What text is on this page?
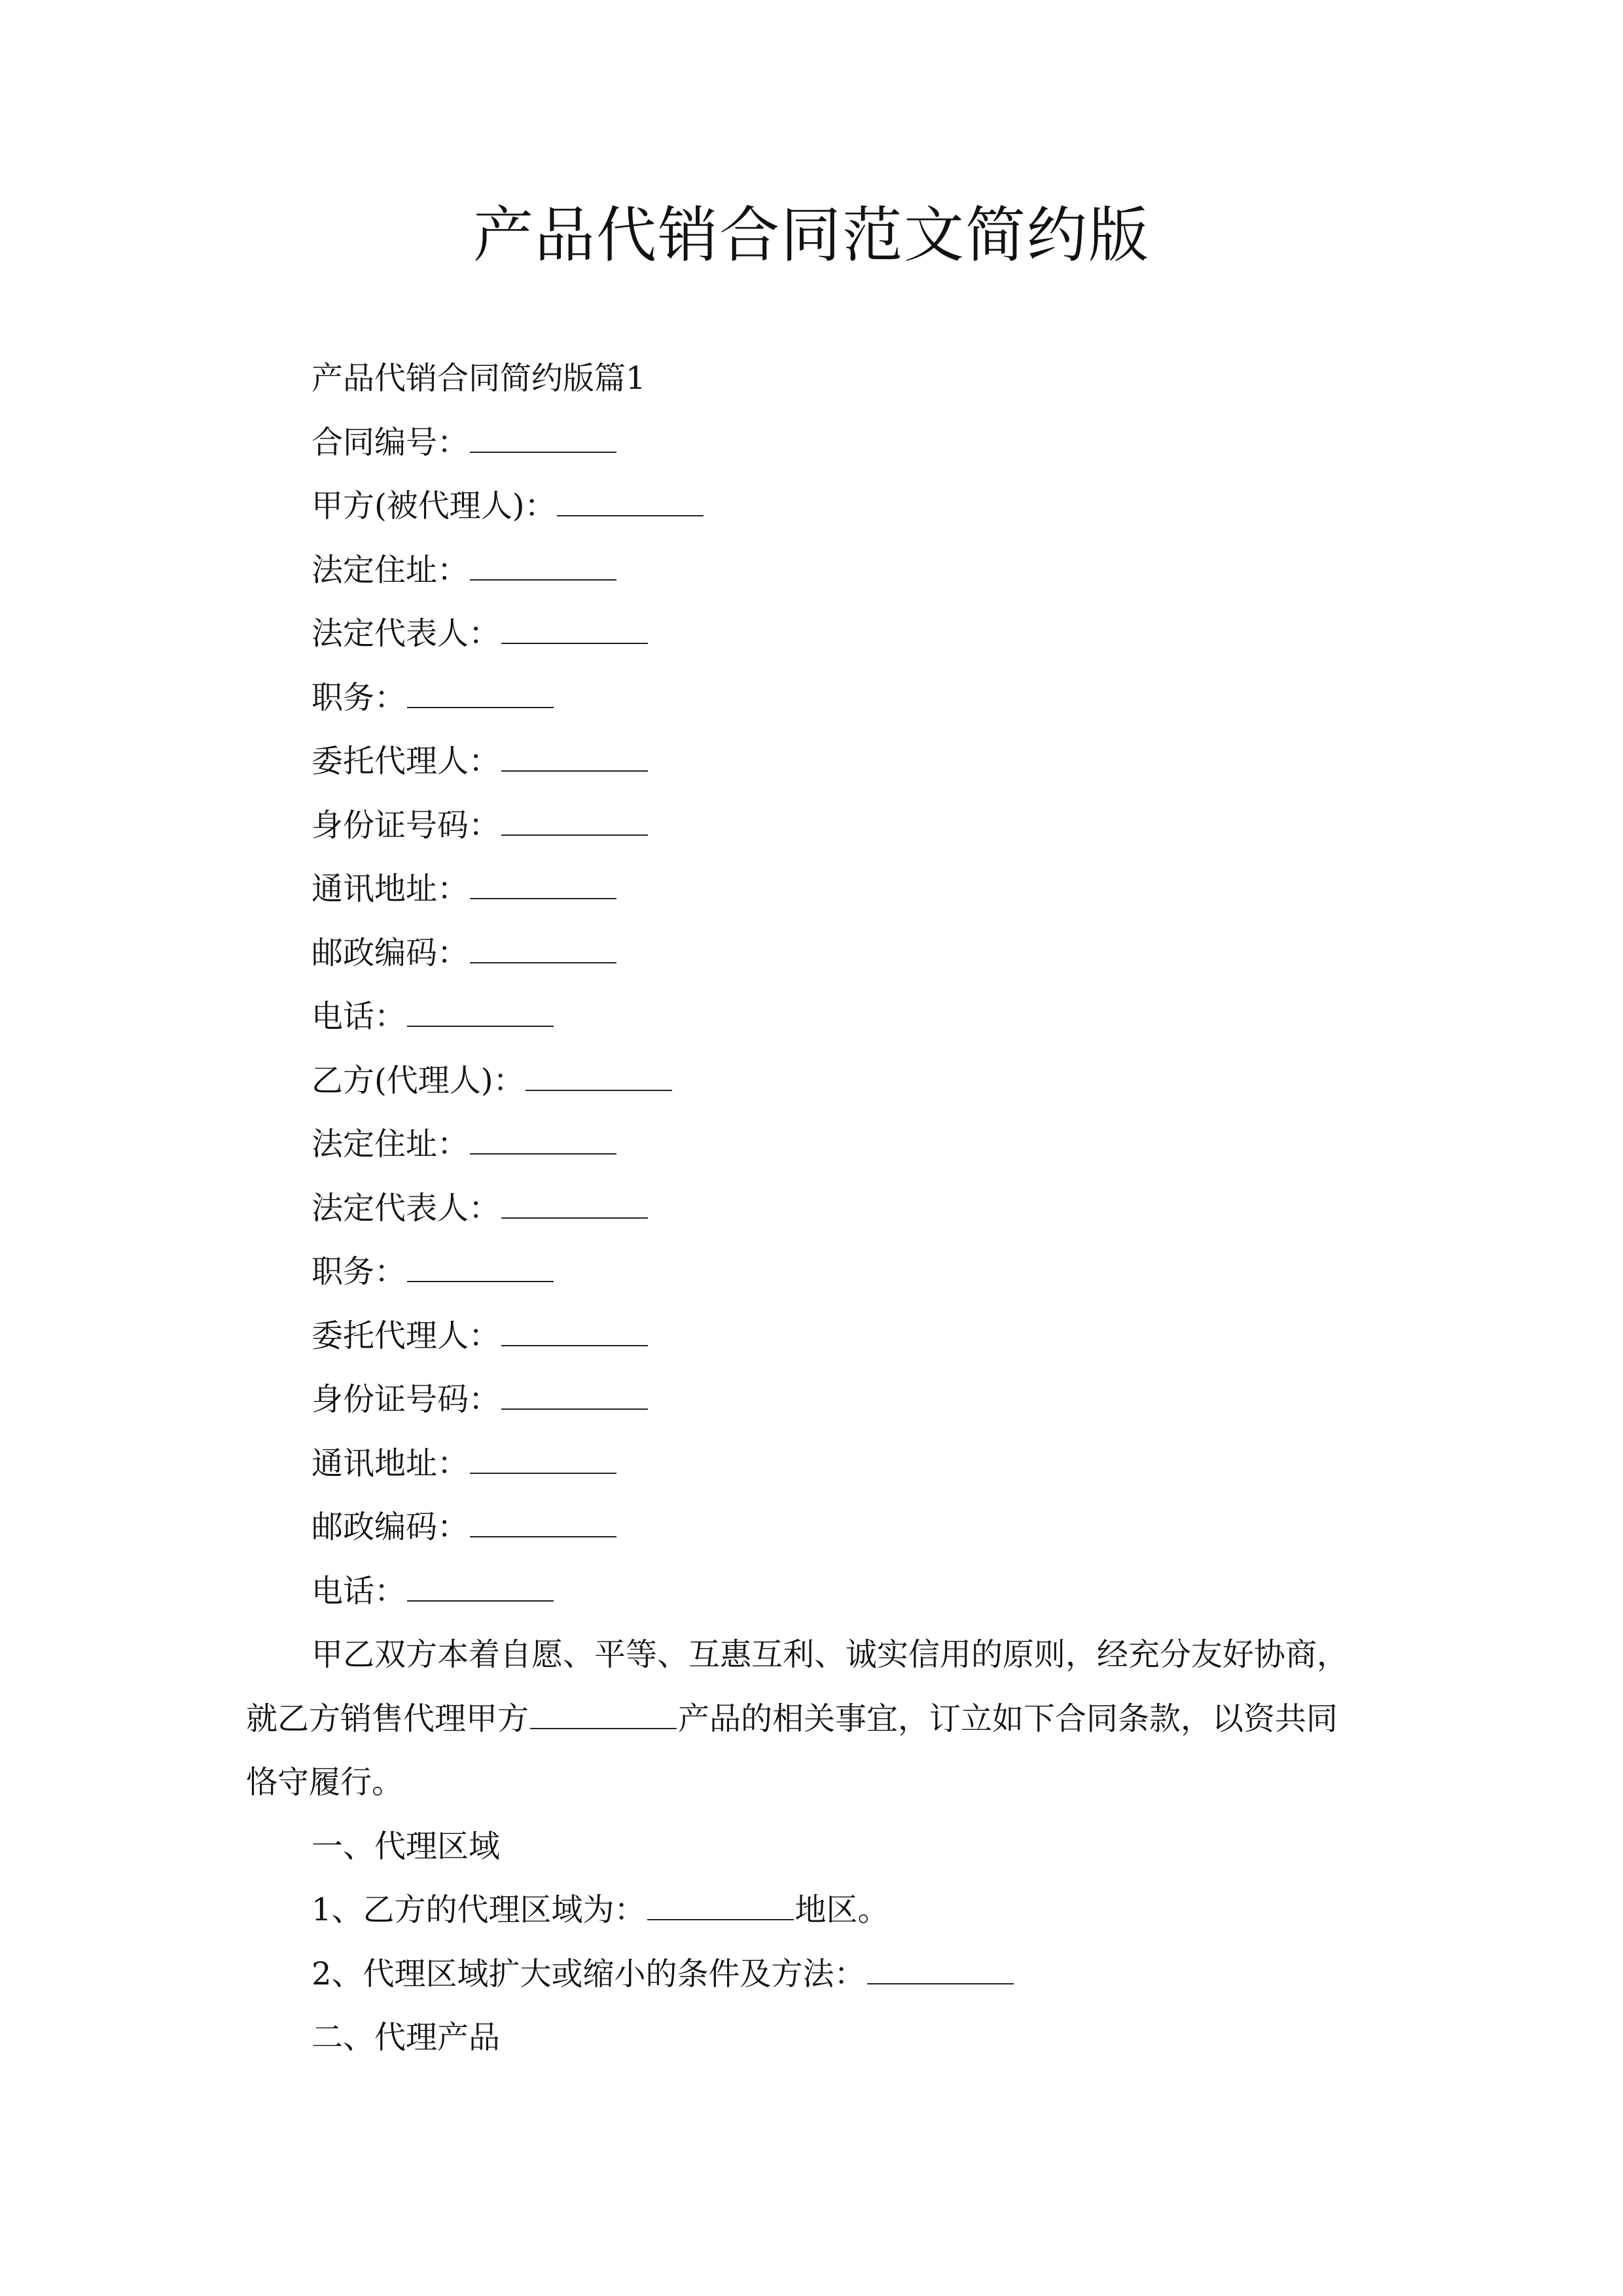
产品代销合同范文简约版
产品代销合同简约版篇1
合同编号：
甲方(被代理人)：
法定住址：
法定代表人：
职务：
委托代理人：
身份证号码：
通讯地址：
邮政编码：
电话：
乙方(代理人)：
法定住址：
法定代表人：
职务：
委托代理人：
身份证号码：
通讯地址：
邮政编码：
电话：
甲乙双方本着自愿、平等、互惠互利、诚实信用的原则，经充分友好协商，
就乙方销售代理甲方	产品的相关事宜，订立如下合同条款，以资共同
恪守履行。
一、代理区域
1、乙方的代理区域为：	地区。
2、代理区域扩大或缩小的条件及方法：
二、代理产品
